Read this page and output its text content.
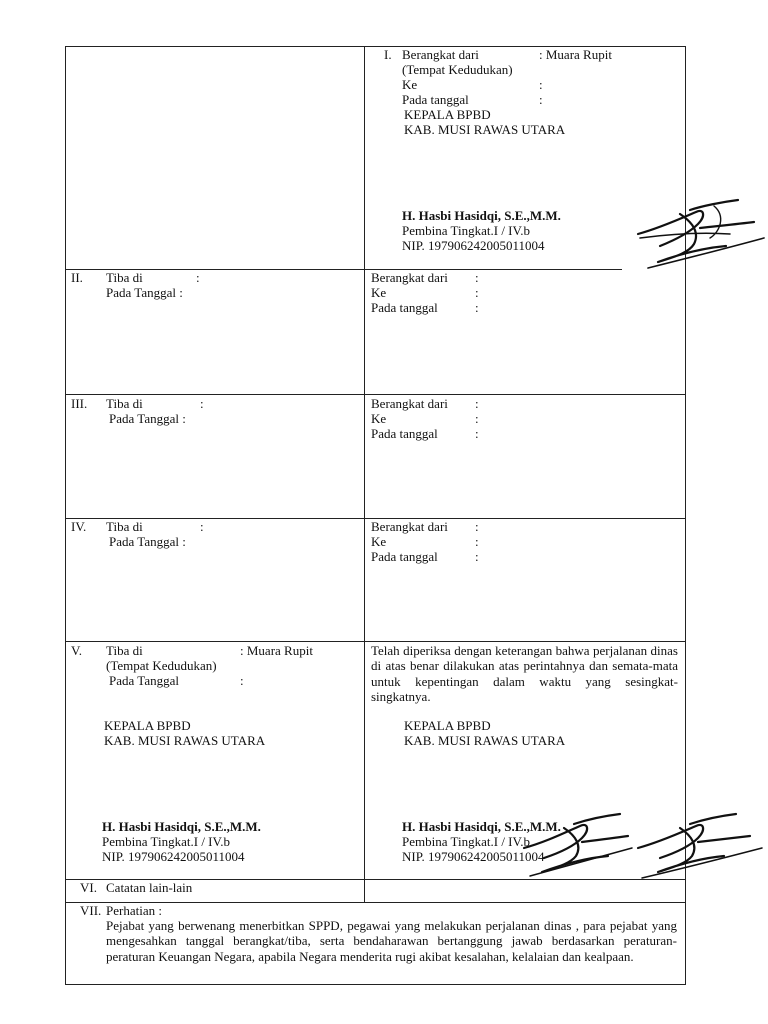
I. Berangkat dari	: Muara Rupit
(Tempat Kedudukan)
Ke	:
Pada tanggal	:
KEPALA BPBD
KAB. MUSI RAWAS UTARA
H. Hasbi Hasidqi, S.E.,M.M.
Pembina Tingkat.I / IV.b
NIP. 197906242005011004
II. Tiba di	:
Pada Tanggal :
Berangkat dari :
Ke	:
Pada tanggal	:
III. Tiba di	:
Pada Tanggal :
Berangkat dari :
Ke	:
Pada tanggal	:
IV. Tiba di	:
Pada Tanggal :
Berangkat dari :
Ke	:
Pada tanggal	:
V. Tiba di	: Muara Rupit
(Tempat Kedudukan)
Pada Tanggal	:
KEPALA BPBD
KAB. MUSI RAWAS UTARA
H. Hasbi Hasidqi, S.E.,M.M.
Pembina Tingkat.I / IV.b
NIP. 197906242005011004
Telah diperiksa dengan keterangan bahwa perjalanan dinas di atas benar dilakukan atas perintahnya dan semata-mata untuk kepentingan dalam waktu yang sesingkat-singkatnya.
KEPALA BPBD
KAB. MUSI RAWAS UTARA
H. Hasbi Hasidqi, S.E.,M.M.
Pembina Tingkat.I / IV.b
NIP. 197906242005011004
VI. Catatan lain-lain
VII. Perhatian :
Pejabat yang berwenang menerbitkan SPPD, pegawai yang melakukan perjalanan dinas , para pejabat yang mengesahkan tanggal berangkat/tiba, serta bendaharawan bertanggung jawab berdasarkan peraturan-peraturan Keuangan Negara, apabila Negara menderita rugi akibat kesalahan, kelalaian dan kealpaan.
